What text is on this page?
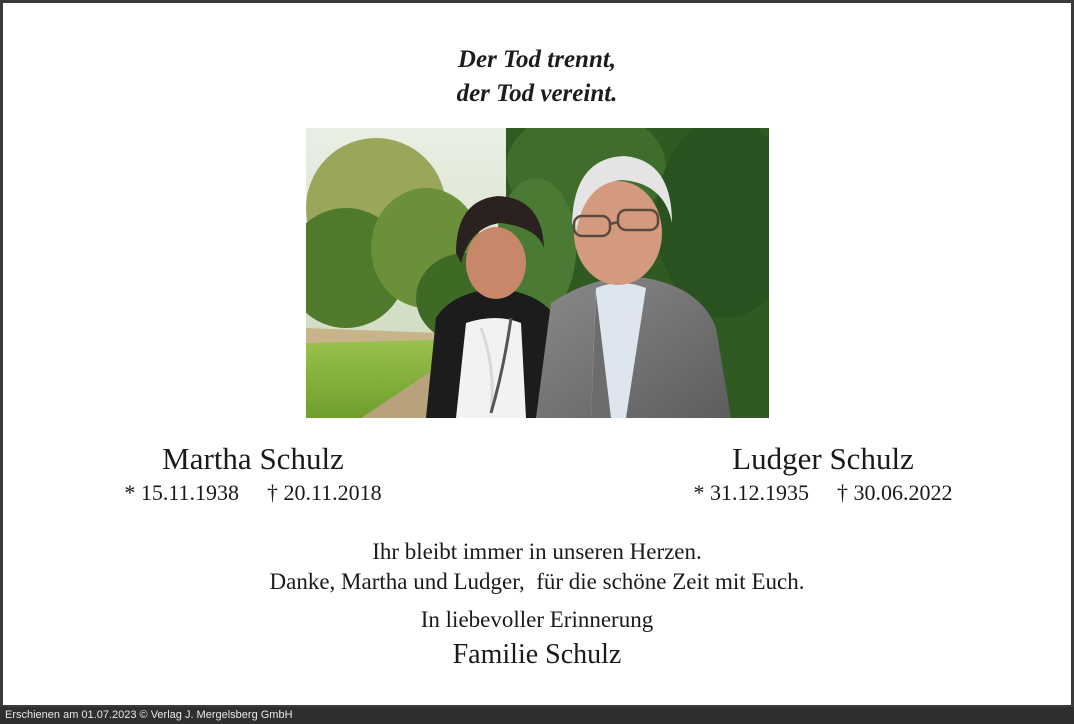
Der Tod trennt,
der Tod vereint.
Martha Schulz
* 15.11.1938 † 20.11.2018
Ludger Schulz
* 31.12.1935 † 30.06.2022
Ihr bleibt immer in unseren Herzen.
Danke, Martha und Ludger,  für die schöne Zeit mit Euch.
In liebevoller Erinnerung
Familie Schulz
Erschienen am 01.07.2023 © Verlag J. Mergelsberg GmbH
